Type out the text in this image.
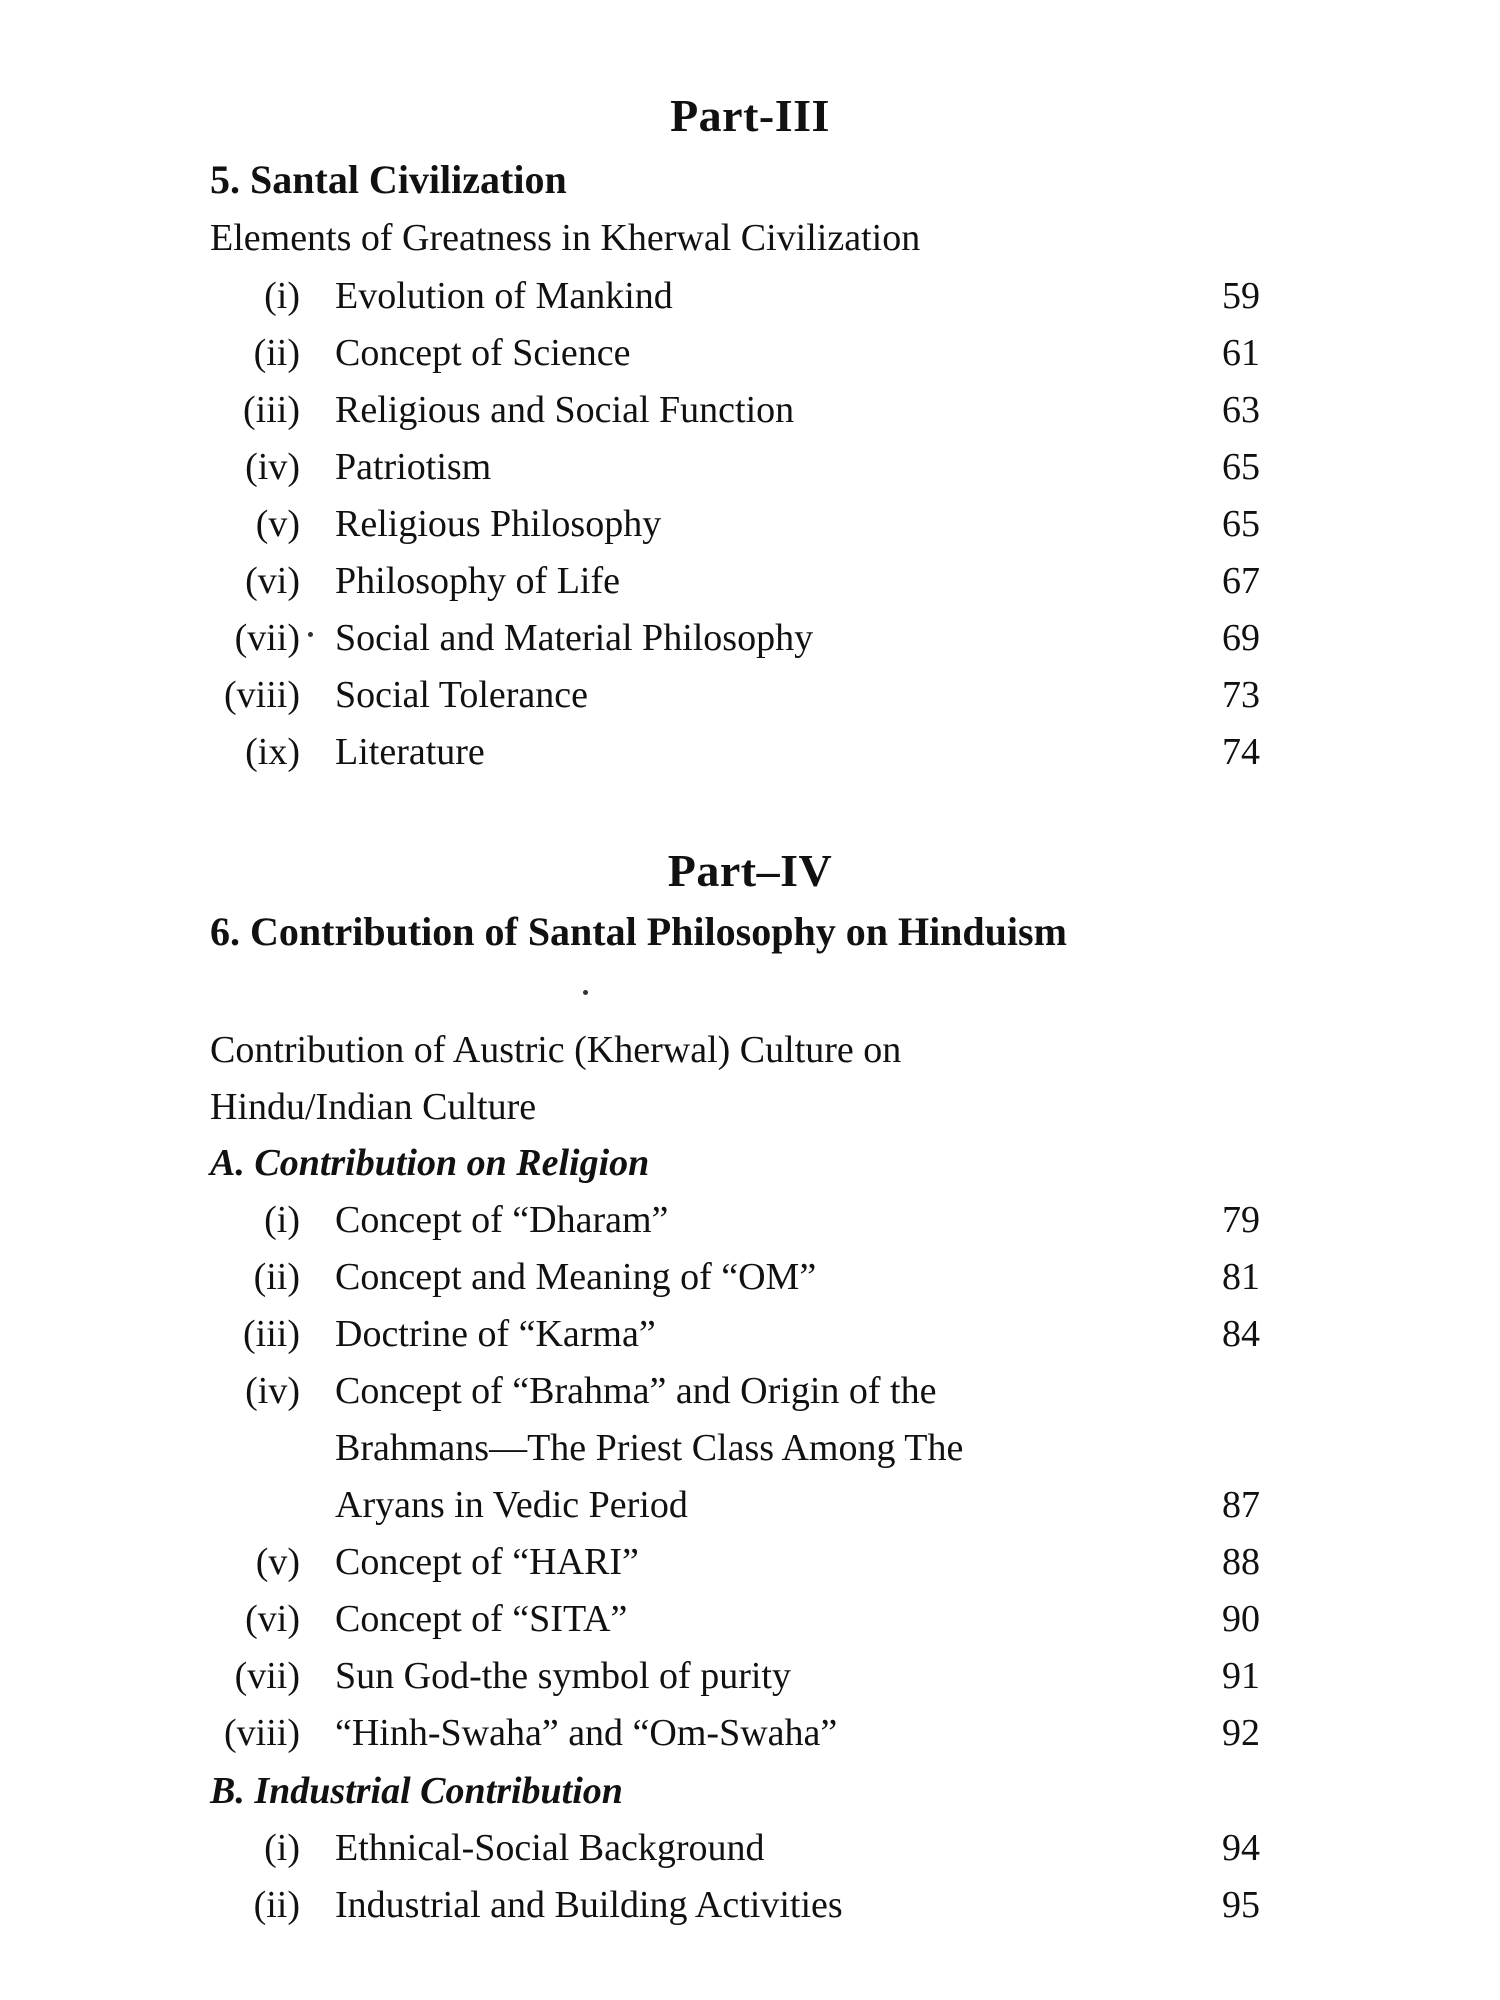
Part-III
5. Santal Civilization
Elements of Greatness in Kherwal Civilization
(i) Evolution of Mankind	59
(ii) Concept of Science	61
(iii) Religious and Social Function	63
(iv) Patriotism	65
(v) Religious Philosophy	65
(vi) Philosophy of Life	67
(vii) Social and Material Philosophy	69
(viii) Social Tolerance	73
(ix) Literature	74
Part–IV
6. Contribution of Santal Philosophy on Hinduism
Contribution of Austric (Kherwal) Culture on
Hindu/Indian Culture
A. Contribution on Religion
(i) Concept of “Dharam”	79
(ii) Concept and Meaning of “OM”	81
(iii) Doctrine of “Karma”	84
(iv) Concept of “Brahma” and Origin of the
Brahmans—The Priest Class Among The
Aryans in Vedic Period	87
(v) Concept of “HARI”	88
(vi) Concept of “SITA”	90
(vii) Sun God-the symbol of purity	91
(viii) “Hinh-Swaha” and “Om-Swaha”	92
B. Industrial Contribution
(i) Ethnical-Social Background	94
(ii) Industrial and Building Activities	95
